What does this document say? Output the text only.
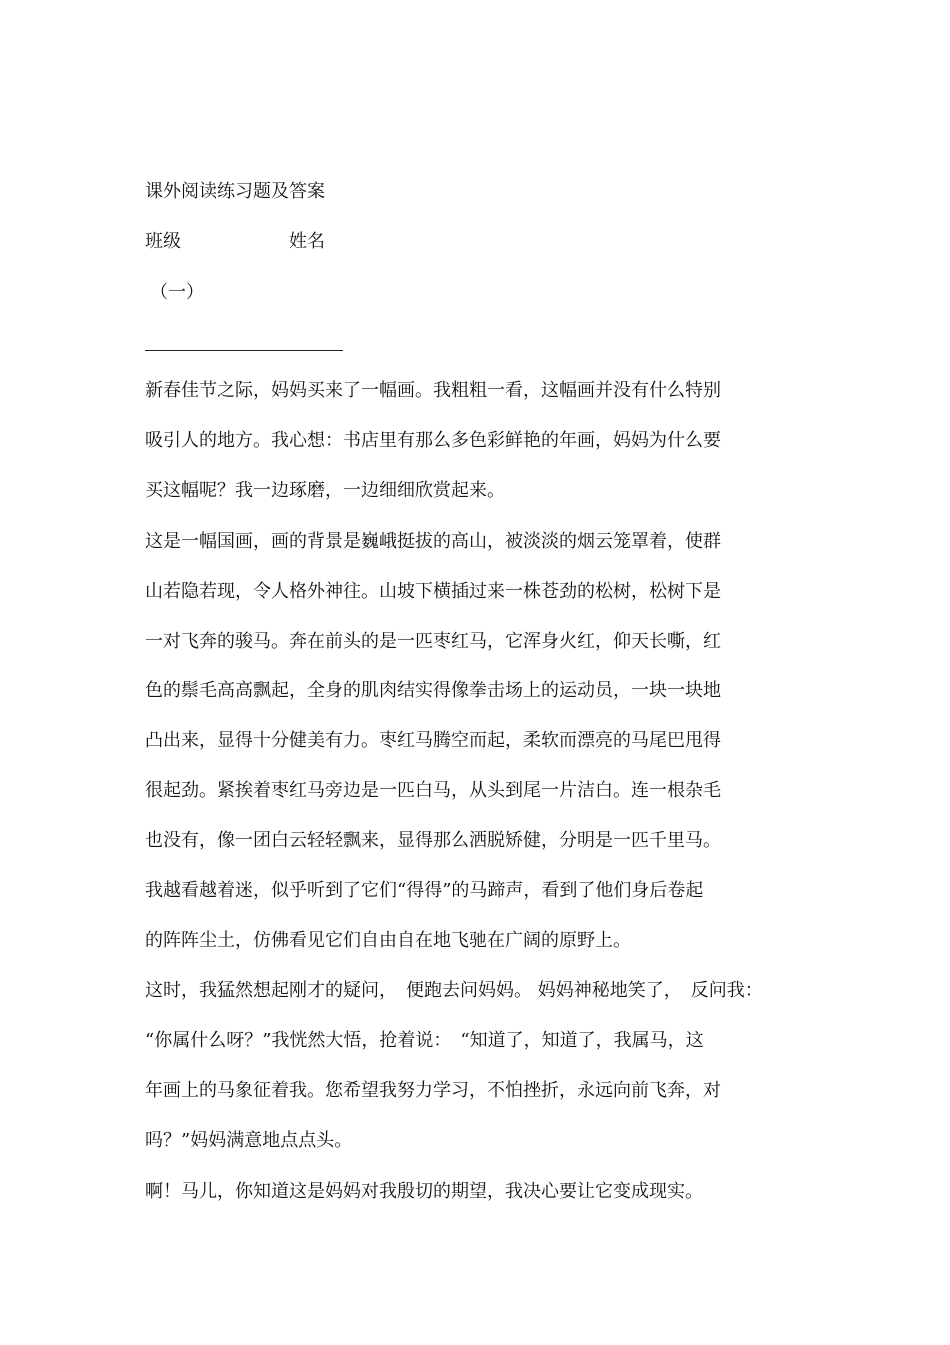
课外阅读练习题及答案
班级	姓名
（一）
新春佳节之际，妈妈买来了一幅画。我粗粗一看，这幅画并没有什么特别
吸引人的地方。我心想：书店里有那么多色彩鲜艳的年画，妈妈为什么要
买这幅呢？我一边琢磨，一边细细欣赏起来。
这是一幅国画，画的背景是巍峨挺拔的高山，被淡淡的烟云笼罩着，使群
山若隐若现，令人格外神往。山坡下横插过来一株苍劲的松树，松树下是
一对飞奔的骏马。奔在前头的是一匹枣红马，它浑身火红，仰天长嘶，红
色的鬃毛高高飘起，全身的肌肉结实得像拳击场上的运动员，一块一块地
凸出来，显得十分健美有力。枣红马腾空而起，柔软而漂亮的马尾巴甩得
很起劲。紧挨着枣红马旁边是一匹白马，从头到尾一片洁白。连一根杂毛
也没有，像一团白云轻轻飘来，显得那么洒脱矫健，分明是一匹千里马。
我越看越着迷，似乎听到了它们“得得”的马蹄声，看到了他们身后卷起
的阵阵尘土，仿佛看见它们自由自在地飞驰在广阔的原野上。
这时，我猛然想起刚才的疑问，　便跑去问妈妈。 妈妈神秘地笑了，　反问我：
“你属什么呀？”我恍然大悟，抢着说：　“知道了，知道了，我属马，这
年画上的马象征着我。您希望我努力学习，不怕挫折，永远向前飞奔，对
吗？”妈妈满意地点点头。
啊！马儿，你知道这是妈妈对我殷切的期望，我决心要让它变成现实。
